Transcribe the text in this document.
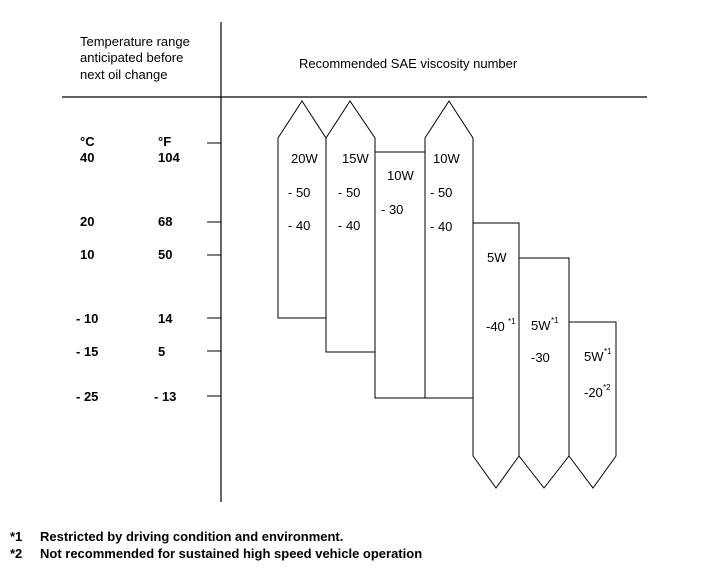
Temperature range
anticipated before
next oil change
Recommended SAE viscosity number
°C	°F
40	104
20	68
10	50
- 10	14
- 15	5
- 25	- 13
20W
- 50
- 40
15W
- 50
- 40
10W
- 30
10W
- 50
- 40
5W
-40 *1 5W *1
-30	5W *1
-20 *2
*1 Restricted by driving condition and environment.
*2 Not recommended for sustained high speed vehicle operation
